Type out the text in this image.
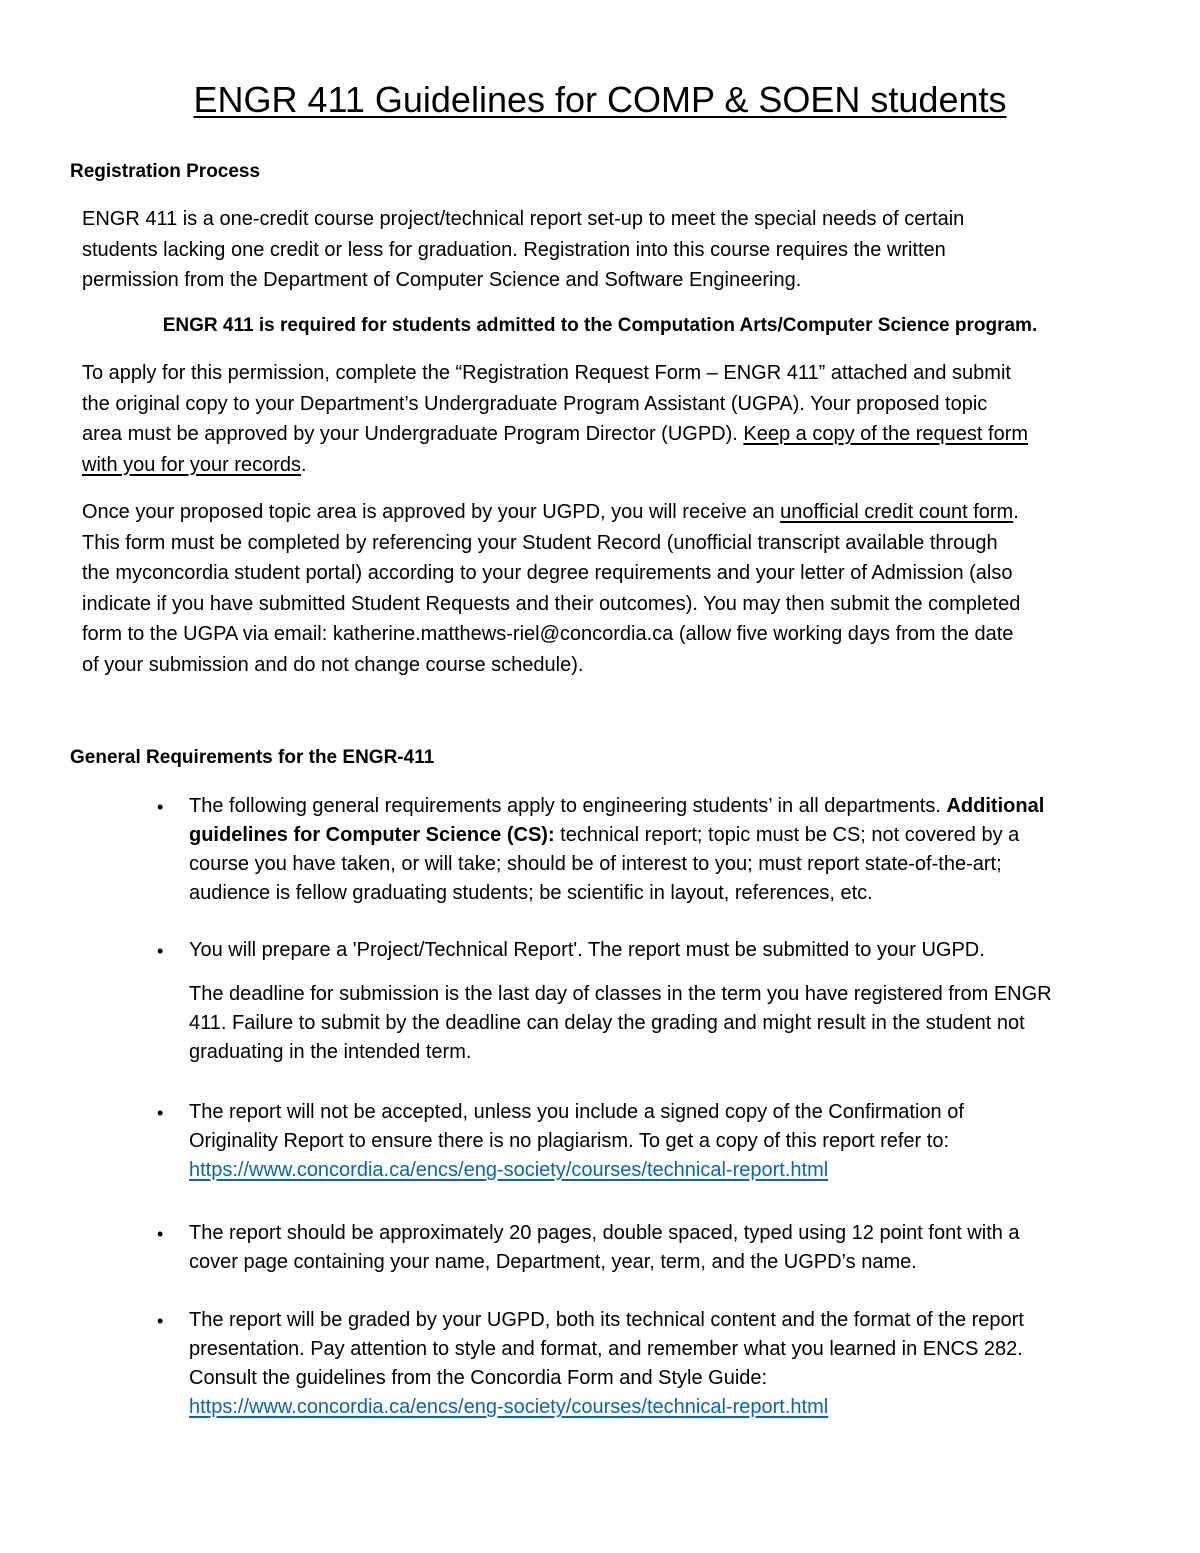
ENGR 411 Guidelines for COMP & SOEN students
Registration Process
ENGR 411 is a one-credit course project/technical report set-up to meet the special needs of certain
students lacking one credit or less for graduation. Registration into this course requires the written
permission from the Department of Computer Science and Software Engineering.
ENGR 411 is required for students admitted to the Computation Arts/Computer Science program.
To apply for this permission, complete the “Registration Request Form – ENGR 411” attached and submit
the original copy to your Department’s Undergraduate Program Assistant (UGPA). Your proposed topic
area must be approved by your Undergraduate Program Director (UGPD). Keep a copy of the request form
with you for your records.
Once your proposed topic area is approved by your UGPD, you will receive an unofficial credit count form.
This form must be completed by referencing your Student Record (unofficial transcript available through
the myconcordia student portal) according to your degree requirements and your letter of Admission (also
indicate if you have submitted Student Requests and their outcomes). You may then submit the completed
form to the UGPA via email: katherine.matthews-riel@concordia.ca (allow five working days from the date
of your submission and do not change course schedule).
General Requirements for the ENGR-411
• The following general requirements apply to engineering students’ in all departments. Additional
guidelines for Computer Science (CS): technical report; topic must be CS; not covered by a
course you have taken, or will take; should be of interest to you; must report state-of-the-art;
audience is fellow graduating students; be scientific in layout, references, etc.
• You will prepare a 'Project/Technical Report'. The report must be submitted to your UGPD.
The deadline for submission is the last day of classes in the term you have registered from ENGR
411. Failure to submit by the deadline can delay the grading and might result in the student not
graduating in the intended term.
• The report will not be accepted, unless you include a signed copy of the Confirmation of
Originality Report to ensure there is no plagiarism. To get a copy of this report refer to:
https://www.concordia.ca/encs/eng-society/courses/technical-report.html
• The report should be approximately 20 pages, double spaced, typed using 12 point font with a
cover page containing your name, Department, year, term, and the UGPD’s name.
• The report will be graded by your UGPD, both its technical content and the format of the report
presentation. Pay attention to style and format, and remember what you learned in ENCS 282.
Consult the guidelines from the Concordia Form and Style Guide:
https://www.concordia.ca/encs/eng-society/courses/technical-report.html
